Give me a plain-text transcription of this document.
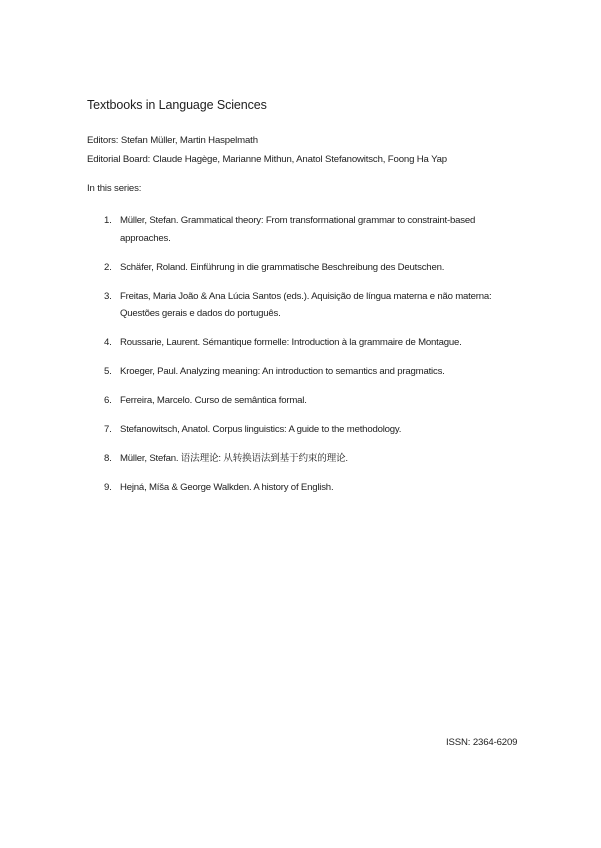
Textbooks in Language Sciences
Editors: Stefan Müller, Martin Haspelmath
Editorial Board: Claude Hagège, Marianne Mithun, Anatol Stefanowitsch, Foong Ha Yap
In this series:
1. Müller, Stefan. Grammatical theory: From transformational grammar to constraint-based approaches.
2. Schäfer, Roland. Einführung in die grammatische Beschreibung des Deutschen.
3. Freitas, Maria João & Ana Lúcia Santos (eds.). Aquisição de língua materna e não materna: Questões gerais e dados do português.
4. Roussarie, Laurent. Sémantique formelle: Introduction à la grammaire de Montague.
5. Kroeger, Paul. Analyzing meaning: An introduction to semantics and pragmatics.
6. Ferreira, Marcelo. Curso de semântica formal.
7. Stefanowitsch, Anatol. Corpus linguistics: A guide to the methodology.
8. Müller, Stefan. 语法理论: 从转换语法到基于约束的理论.
9. Hejná, Míša & George Walkden. A history of English.
ISSN: 2364-6209
